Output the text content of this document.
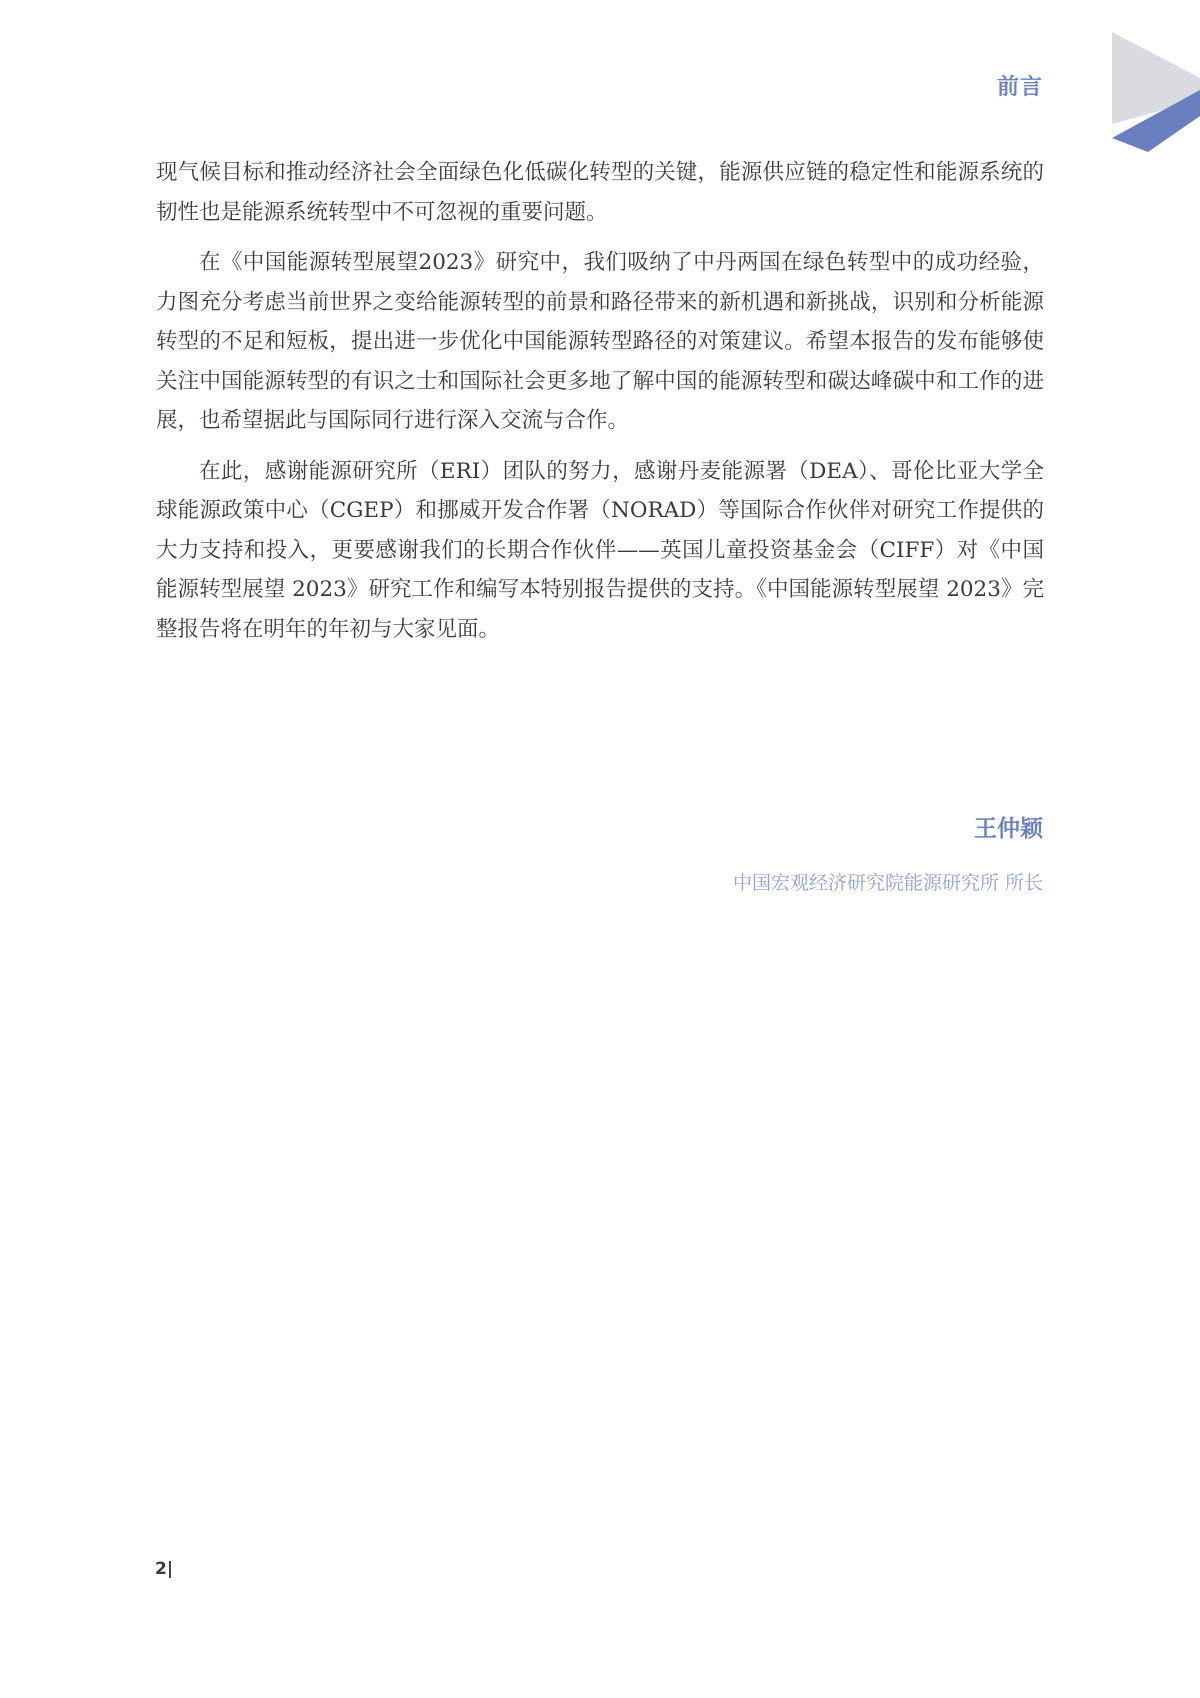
前言

现气候目标和推动经济社会全面绿色化低碳化转型的关键，能源供应链的稳定性和能源系统的韧性也是能源系统转型中不可忽视的重要问题。

在《中国能源转型展望2023》研究中，我们吸纳了中丹两国在绿色转型中的成功经验，力图充分考虑当前世界之变给能源转型的前景和路径带来的新机遇和新挑战，识别和分析能源转型的不足和短板，提出进一步优化中国能源转型路径的对策建议。希望本报告的发布能够使关注中国能源转型的有识之士和国际社会更多地了解中国的能源转型和碳达峰碳中和工作的进展，也希望据此与国际同行进行深入交流与合作。

在此，感谢能源研究所（ERI）团队的努力，感谢丹麦能源署（DEA）、哥伦比亚大学全球能源政策中心（CGEP）和挪威开发合作署（NORAD）等国际合作伙伴对研究工作提供的大力支持和投入，更要感谢我们的长期合作伙伴——英国儿童投资基金会（CIFF）对《中国能源转型展望 2023》研究工作和编写本特别报告提供的支持。《中国能源转型展望 2023》完整报告将在明年的年初与大家见面。

王仲颖
中国宏观经济研究院能源研究所 所长
2|
